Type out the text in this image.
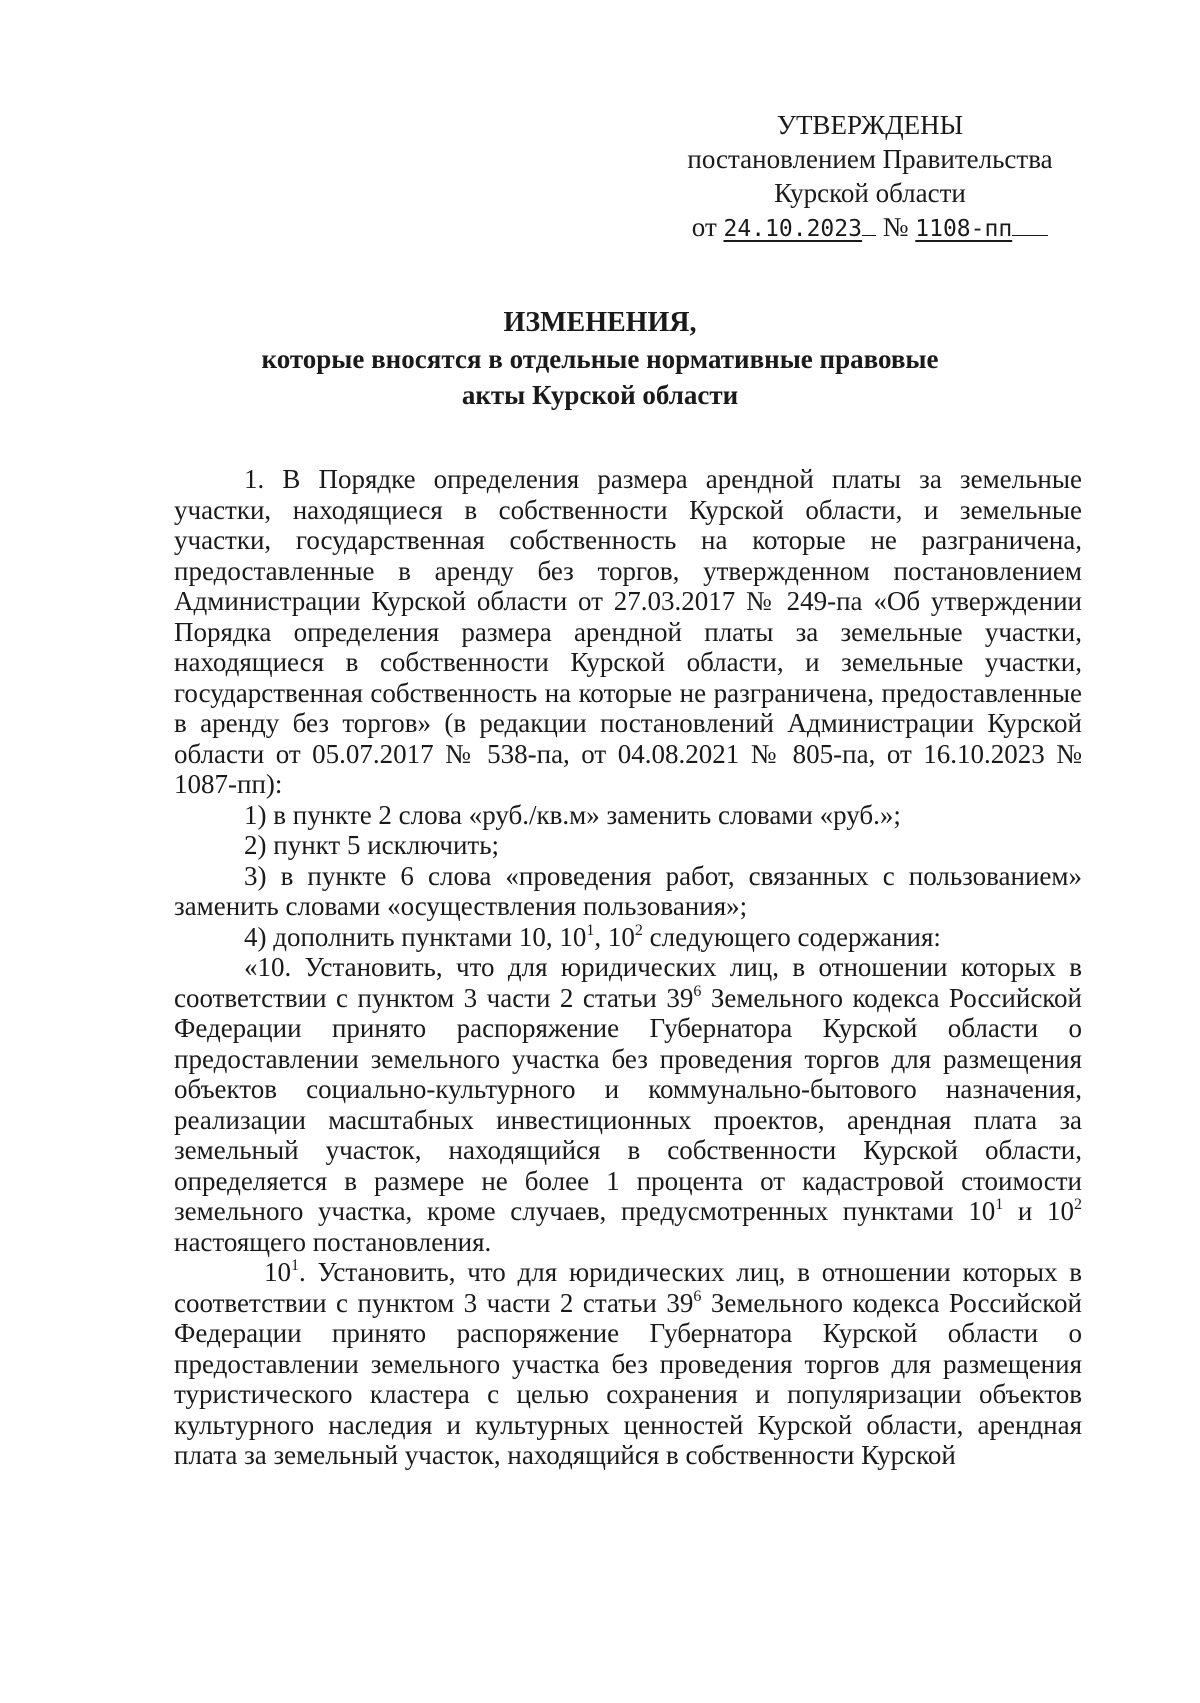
УТВЕРЖДЕНЫ
постановлением Правительства
Курской области
от 24.10.2023 № 1108-пп
ИЗМЕНЕНИЯ,
которые вносятся в отдельные нормативные правовые
акты Курской области

1. В Порядке определения размера арендной платы за земельные участки, находящиеся в собственности Курской области, и земельные участки, государственная собственность на которые не разграничена, предоставленные в аренду без торгов, утвержденном постановлением Администрации Курской области от 27.03.2017 № 249-па «Об утверждении Порядка определения размера арендной платы за земельные участки, находящиеся в собственности Курской области, и земельные участки, государственная собственность на которые не разграничена, предоставленные в аренду без торгов» (в редакции постановлений Администрации Курской области от 05.07.2017 № 538-па, от 04.08.2021 № 805-па, от 16.10.2023 № 1087-пп):

1) в пункте 2 слова «руб./кв.м» заменить словами «руб.»;

2) пункт 5 исключить;

3) в пункте 6 слова «проведения работ, связанных с пользованием» заменить словами «осуществления пользования»;

4) дополнить пунктами 10, $10^1$, $10^2$ следующего содержания:

«10. Установить, что для юридических лиц, в отношении которых в соответствии с пунктом 3 части 2 статьи $39^6$ Земельного кодекса Российской Федерации принято распоряжение Губернатора Курской области о предоставлении земельного участка без проведения торгов для размещения объектов социально-культурного и коммунально-бытового назначения, реализации масштабных инвестиционных проектов, арендная плата за земельный участок, находящийся в собственности Курской области, определяется в размере не более 1 процента от кадастровой стоимости земельного участка, кроме случаев, предусмотренных пунктами $10^1$ и $10^2$ настоящего постановления.

$10^1$. Установить, что для юридических лиц, в отношении которых в соответствии с пунктом 3 части 2 статьи $39^6$ Земельного кодекса Российской Федерации принято распоряжение Губернатора Курской области о предоставлении земельного участка без проведения торгов для размещения туристического кластера с целью сохранения и популяризации объектов культурного наследия и культурных ценностей Курской области, арендная плата за земельный участок, находящийся в собственности Курской
